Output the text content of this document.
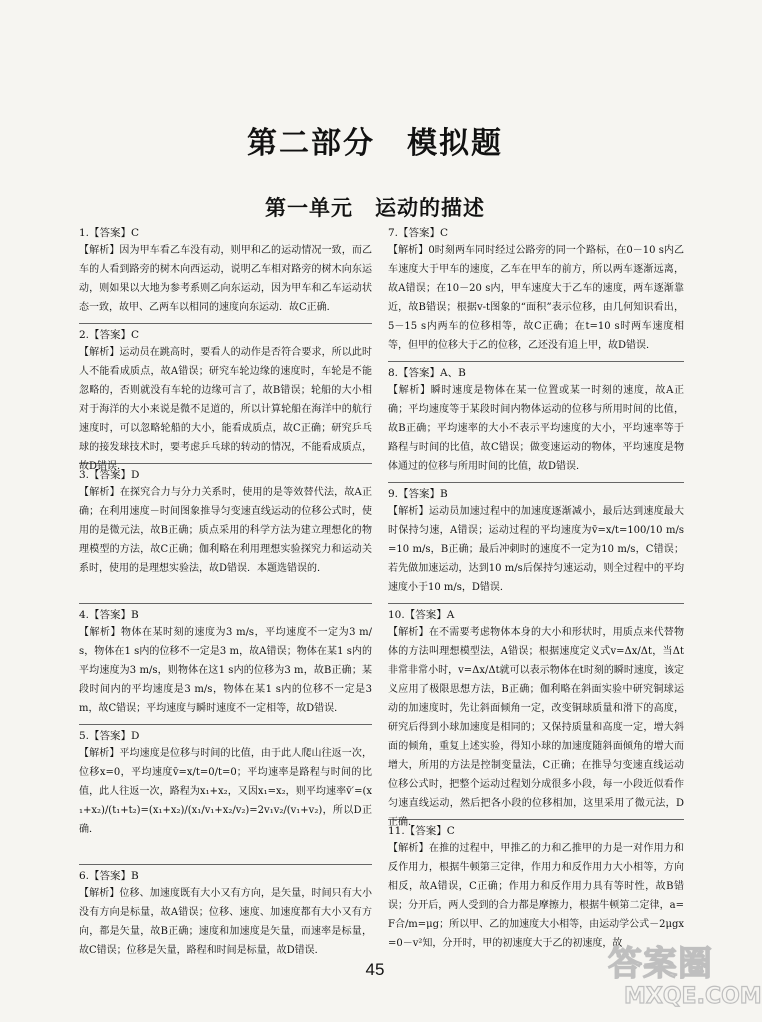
第二部分　模拟题
第一单元　运动的描述
1.【答案】C
【解析】因为甲车看乙车没有动，则甲和乙的运动情况一致，而乙车的人看到路旁的树木向西运动，说明乙车相对路旁的树木向东运动，则如果以大地为参考系则乙向东运动，因为甲车和乙车运动状态一致，故甲、乙两车以相同的速度向东运动．故C正确．
2.【答案】C
【解析】运动员在跳高时，要看人的动作是否符合要求，所以此时人不能看成质点，故A错误；研究车轮边缘的速度时，车轮是不能忽略的，否则就没有车轮的边缘可言了，故B错误；轮船的大小相对于海洋的大小来说是微不足道的，所以计算轮船在海洋中的航行速度时，可以忽略轮船的大小，能看成质点，故C正确；研究乒乓球的接发球技术时，要考虑乒乓球的转动的情况，不能看成质点，故D错误．
3.【答案】D
【解析】在探究合力与分力关系时，使用的是等效替代法，故A正确；在利用速度－时间图象推导匀变速直线运动的位移公式时，使用的是微元法，故B正确；质点采用的科学方法为建立理想化的物理模型的方法，故C正确；伽利略在利用理想实验探究力和运动关系时，使用的是理想实验法，故D错误．本题选错误的．
4.【答案】B
【解析】物体在某时刻的速度为3 m/s，平均速度不一定为3 m/s，物体在1 s内的位移不一定是3 m，故A错误；物体在某1 s内的平均速度为3 m/s，则物体在这1 s内的位移为3 m，故B正确；某段时间内的平均速度是3 m/s，物体在某1 s内的位移不一定是3 m，故C错误；平均速度与瞬时速度不一定相等，故D错误．
5.【答案】D
【解析】平均速度是位移与时间的比值，由于此人爬山往返一次，位移x=0，平均速度v̄=x/t=0/t=0；平均速率是路程与时间的比值，此人往返一次，路程为x₁+x₂，又因x₁=x₂，则平均速率v̄′=(x₁+x₂)/(t₁+t₂)=(x₁+x₂)/(x₁/v₁+x₂/v₂)=2v₁v₂/(v₁+v₂)，所以D正确．
6.【答案】B
【解析】位移、加速度既有大小又有方向，是矢量，时间只有大小没有方向是标量，故A错误；位移、速度、加速度都有大小又有方向，都是矢量，故B正确；速度和加速度是矢量，而速率是标量，故C错误；位移是矢量，路程和时间是标量，故D错误．
7.【答案】C
【解析】0时刻两车同时经过公路旁的同一个路标，在0－10 s内乙车速度大于甲车的速度，乙车在甲车的前方，所以两车逐渐远离，故A错误；在10－20 s内，甲车速度大于乙车的速度，两车逐渐靠近，故B错误；根据v-t图象的“面积”表示位移，由几何知识看出，5－15 s内两车的位移相等，故C正确；在t=10 s时两车速度相等，但甲的位移大于乙的位移，乙还没有追上甲，故D错误．
8.【答案】A、B
【解析】瞬时速度是物体在某一位置或某一时刻的速度，故A正确；平均速度等于某段时间内物体运动的位移与所用时间的比值，故B正确；平均速率的大小不表示平均速度的大小，平均速率等于路程与时间的比值，故C错误；做变速运动的物体，平均速度是物体通过的位移与所用时间的比值，故D错误．
9.【答案】B
【解析】运动员加速过程中的加速度逐渐减小，最后达到速度最大时保持匀速，A错误；运动过程的平均速度为v̄=x/t=100/10 m/s=10 m/s，B正确；最后冲刺时的速度不一定为10 m/s，C错误；若先做加速运动，达到10 m/s后保持匀速运动，则全过程中的平均速度小于10 m/s，D错误．
10.【答案】A
【解析】在不需要考虑物体本身的大小和形状时，用质点来代替物体的方法叫理想模型法，A错误；根据速度定义式v=Δx/Δt，当Δt非常非常小时，v=Δx/Δt就可以表示物体在t时刻的瞬时速度，该定义应用了极限思想方法，B正确；伽利略在斜面实验中研究铜球运动的加速度时，先让斜面倾角一定，改变铜球质量和滑下的高度，研究后得到小球加速度是相同的；又保持质量和高度一定，增大斜面的倾角，重复上述实验，得知小球的加速度随斜面倾角的增大而增大，所用的方法是控制变量法，C正确；在推导匀变速直线运动位移公式时，把整个运动过程划分成很多小段，每一小段近似看作匀速直线运动，然后把各小段的位移相加，这里采用了微元法，D正确．
11.【答案】C
【解析】在推的过程中，甲推乙的力和乙推甲的力是一对作用力和反作用力，根据牛顿第三定律，作用力和反作用力大小相等，方向相反，故A错误，C正确；作用力和反作用力具有等时性，故B错误；分开后，两人受到的合力都是摩擦力，根据牛顿第二定律，a=F合/m=μg；所以甲、乙的加速度大小相等，由运动学公式－2μgx=0－v²知，分开时，甲的初速度大于乙的初速度，故
45	答案圈
MXQE.COM
